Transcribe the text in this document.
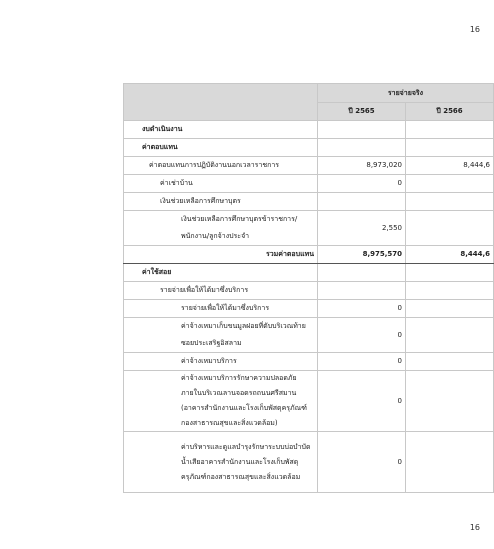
16
	รายจ่ายจริง	
	ปี 2565	ปี 2566
งบดำเนินงาน		
ค่าตอบแทน		
ค่าตอบแทนการปฏิบัติงานนอกเวลาราชการ	8,973,020	8,444,6
ค่าเช่าบ้าน	0	
เงินช่วยเหลือการศึกษาบุตร		
เงินช่วยเหลือการศึกษาบุตรข้าราชการ/พนักงาน/ลูกจ้างประจำ	2,550	
รวมค่าตอบแทน	8,975,570	8,444,6
ค่าใช้สอย		
รายจ่ายเพื่อให้ได้มาซึ่งบริการ		
รายจ่ายเพื่อให้ได้มาซึ่งบริการ	0	
ค่าจ้างเหมาเก็บขนมูลฝอยที่ตับบริเวณท้ายซอยประเสริฐอิสลาม	0	
ค่าจ้างเหมาบริการ	0	
ค่าจ้างเหมาบริการรักษาความปลอดภัยภายในบริเวณลานจอดรถถนนศรีสมาน (อาคารสำนักงานและโรงเก็บพัสดุครุภัณฑ์กองสาธารณสุขและสิ่งแวดล้อม)	0	
ค่าบริหารและดูแลบำรุงรักษาระบบบ่อบำบัดน้ำเสียอาคารสำนักงานและโรงเก็บพัสดุครุภัณฑ์กองสาธารณสุขและสิ่งแวดล้อม	0	
16
